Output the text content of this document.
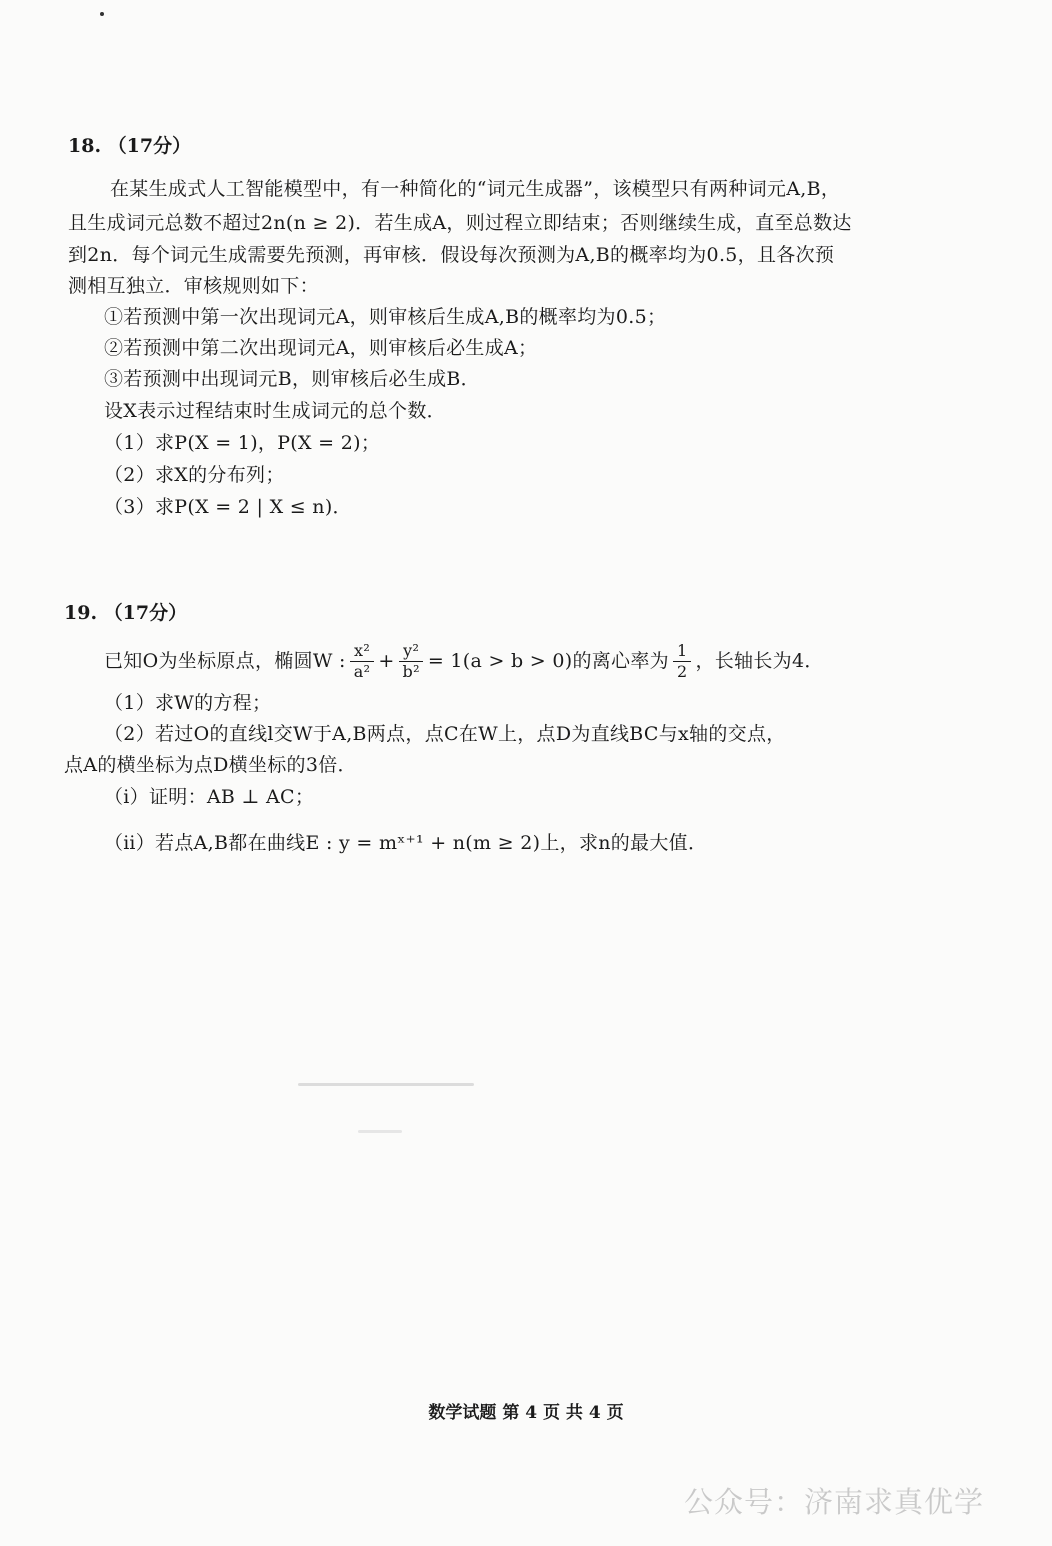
18. （17分）
在某生成式人工智能模型中，有一种简化的“词元生成器”，该模型只有两种词元A,B，
且生成词元总数不超过2n(n ≥ 2)．若生成A，则过程立即结束；否则继续生成，直至总数达
到2n．每个词元生成需要先预测，再审核．假设每次预测为A,B的概率均为0.5，且各次预
测相互独立．审核规则如下：
①若预测中第一次出现词元A，则审核后生成A,B的概率均为0.5；
②若预测中第二次出现词元A，则审核后必生成A；
③若预测中出现词元B，则审核后必生成B．
设X表示过程结束时生成词元的总个数．
（1）求P(X = 1)，P(X = 2)；
（2）求X的分布列；
（3）求P(X = 2 | X ≤ n)．
19. （17分）
已知O为坐标原点，椭圆W : $\frac{\text{x²}}{\text{a²}} + \frac{\text{y²}}{\text{b²}} = 1(a > b > 0)$的离心率为 $\frac{1}{2}$ ，长轴长为4．
（1）求W的方程；
（2）若过O的直线l交W于A,B两点，点C在W上，点D为直线BC与x轴的交点，
点A的横坐标为点D横坐标的3倍．
（ⅰ）证明：AB ⊥ AC；
（ⅱ）若点A,B都在曲线E : y = mˣ⁺¹ + n(m ≥ 2)上，求n的最大值．
数学试题 第 4 页 共 4 页
公众号：济南求真优学
